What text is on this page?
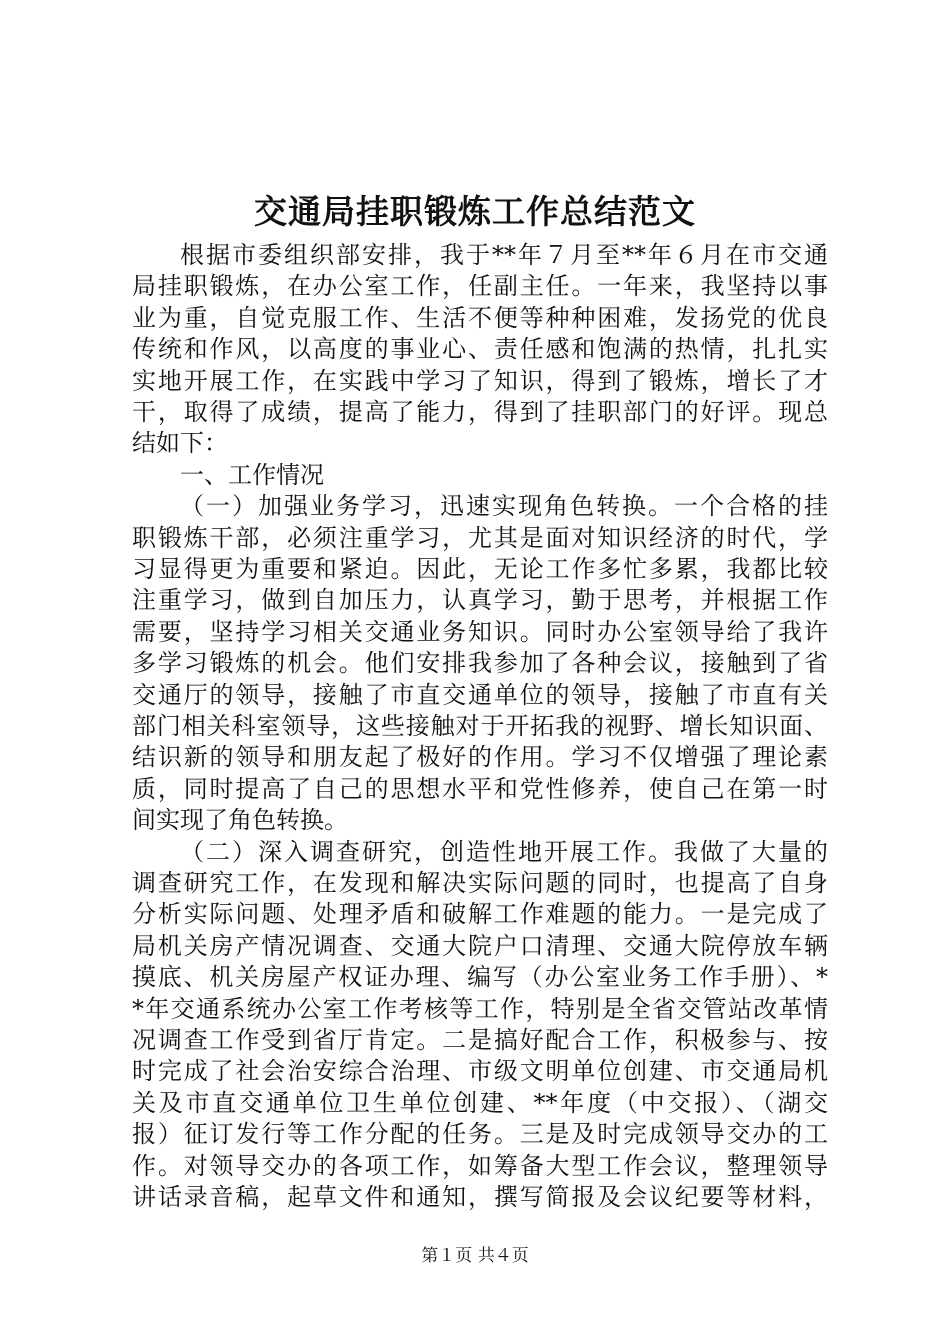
交通局挂职锻炼工作总结范文
根据市委组织部安排，我于**年７月至**年６月在市交通
局挂职锻炼，在办公室工作，任副主任。一年来，我坚持以事
业为重，自觉克服工作、生活不便等种种困难，发扬党的优良
传统和作风，以高度的事业心、责任感和饱满的热情，扎扎实
实地开展工作，在实践中学习了知识，得到了锻炼，增长了才
干，取得了成绩，提高了能力，得到了挂职部门的好评。现总
结如下：
一、工作情况
（一）加强业务学习，迅速实现角色转换。一个合格的挂
职锻炼干部，必须注重学习，尤其是面对知识经济的时代，学
习显得更为重要和紧迫。因此，无论工作多忙多累，我都比较
注重学习，做到自加压力，认真学习，勤于思考，并根据工作
需要，坚持学习相关交通业务知识。同时办公室领导给了我许
多学习锻炼的机会。他们安排我参加了各种会议，接触到了省
交通厅的领导，接触了市直交通单位的领导，接触了市直有关
部门相关科室领导，这些接触对于开拓我的视野、增长知识面、
结识新的领导和朋友起了极好的作用。学习不仅增强了理论素
质，同时提高了自己的思想水平和党性修养，使自己在第一时
间实现了角色转换。
（二）深入调查研究，创造性地开展工作。我做了大量的
调查研究工作，在发现和解决实际问题的同时，也提高了自身
分析实际问题、处理矛盾和破解工作难题的能力。一是完成了
局机关房产情况调查、交通大院户口清理、交通大院停放车辆
摸底、机关房屋产权证办理、编写（办公室业务工作手册）、*
*年交通系统办公室工作考核等工作，特别是全省交管站改革情
况调查工作受到省厅肯定。二是搞好配合工作，积极参与、按
时完成了社会治安综合治理、市级文明单位创建、市交通局机
关及市直交通单位卫生单位创建、**年度（中交报）、（湖交
报）征订发行等工作分配的任务。三是及时完成领导交办的工
作。对领导交办的各项工作，如筹备大型工作会议，整理领导
讲话录音稿，起草文件和通知，撰写简报及会议纪要等材料，
第１页 共４页
